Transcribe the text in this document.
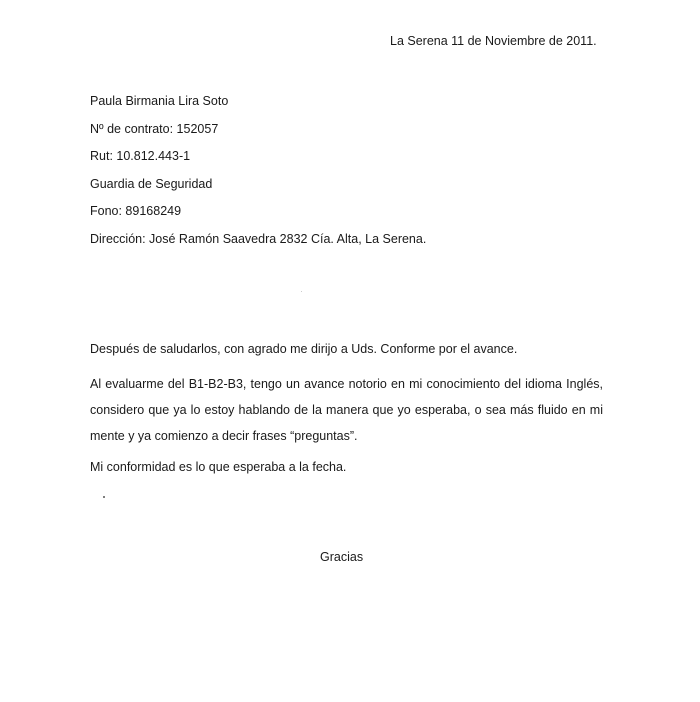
La Serena 11 de Noviembre de 2011.
Paula Birmania Lira Soto
Nº de contrato: 152057
Rut: 10.812.443-1
Guardia de Seguridad
Fono: 89168249
Dirección: José Ramón Saavedra 2832 Cía. Alta, La Serena.
Después de saludarlos, con agrado me dirijo a Uds. Conforme por el avance.
Al evaluarme del B1-B2-B3, tengo un avance notorio en mi conocimiento del idioma Inglés, considero que ya lo estoy hablando de la manera que yo esperaba, o sea más fluido en mi mente y ya comienzo a decir frases “preguntas”.
Mi conformidad es lo que esperaba a la fecha.
Gracias
